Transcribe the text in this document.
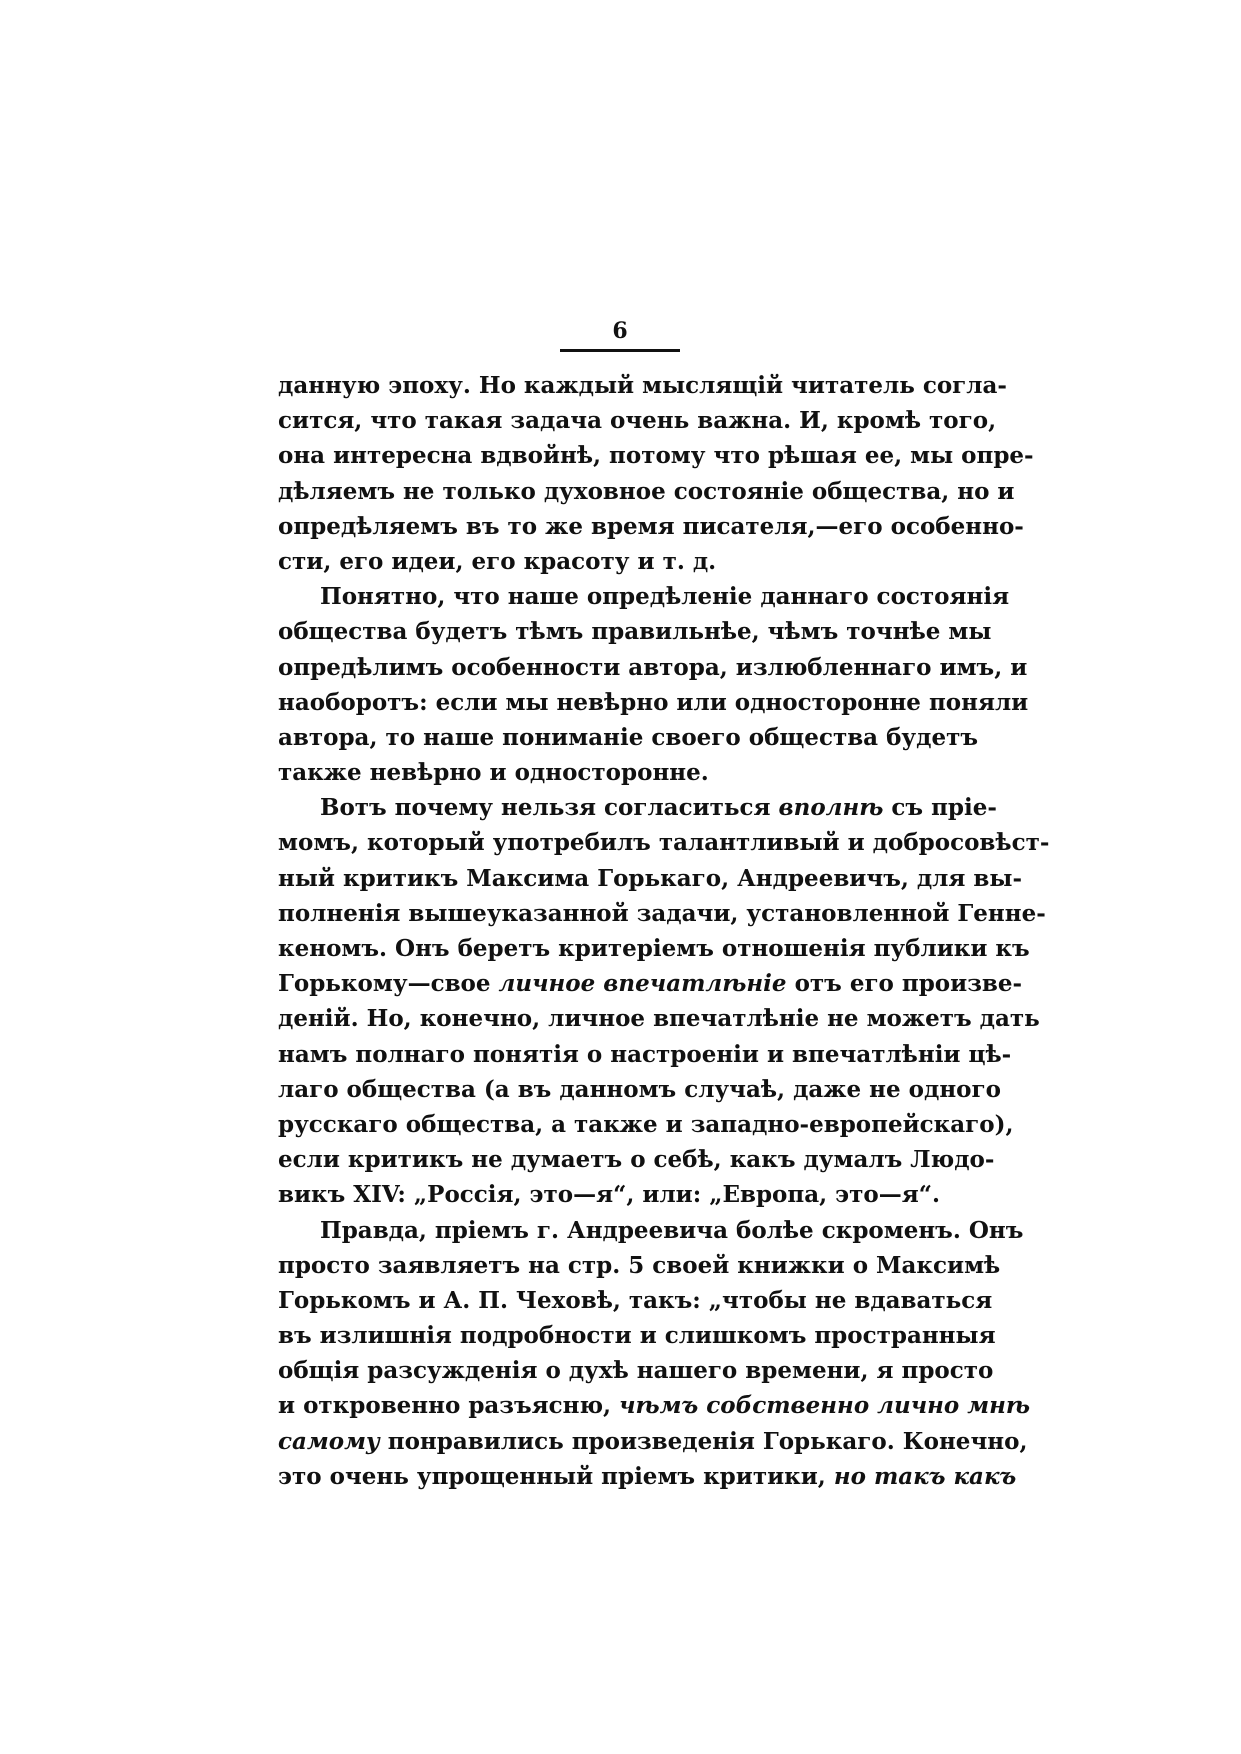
6
данную эпоху. Но каждый мыслящій читатель согла-
сится, что такая задача очень важна. И, кромѣ того,
она интересна вдвойнѣ, потому что рѣшая ее, мы опре-
дѣляемъ не только духовное состояніе общества, но и
опредѣляемъ въ то же время писателя,—его особенно-
сти, его идеи, его красоту и т. д.
Понятно, что наше опредѣленіе даннаго состоянія
общества будетъ тѣмъ правильнѣе, чѣмъ точнѣе мы
опредѣлимъ особенности автора, излюбленнаго имъ, и
наоборотъ: если мы невѣрно или односторонне поняли
автора, то наше пониманіе своего общества будетъ
также невѣрно и односторонне.
Вотъ почему нельзя согласиться вполнѣ съ пріе-
момъ, который употребилъ талантливый и добросовѣст-
ный критикъ Максима Горькаго, Андреевичъ, для вы-
полненія вышеуказанной задачи, установленной Генне-
кеномъ. Онъ беретъ критеріемъ отношенія публики къ
Горькому—свое личное впечатлѣніе отъ его произве-
деній. Но, конечно, личное впечатлѣніе не можетъ дать
намъ полнаго понятія о настроеніи и впечатлѣніи цѣ-
лаго общества (а въ данномъ случаѣ, даже не одного
русскаго общества, а также и западно-европейскаго),
если критикъ не думаетъ о себѣ, какъ думалъ Людо-
викъ XIV: „Россія, это—я“, или: „Европа, это—я“.
Правда, пріемъ г. Андреевича болѣе скроменъ. Онъ
просто заявляетъ на стр. 5 своей книжки о Максимѣ
Горькомъ и А. П. Чеховѣ, такъ: „чтобы не вдаваться
въ излишнія подробности и слишкомъ пространныя
общія разсужденія о духѣ нашего времени, я просто
и откровенно разъясню, чѣмъ собственно лично мнѣ
самому понравились произведенія Горькаго. Конечно,
это очень упрощенный пріемъ критики, но такъ какъ
